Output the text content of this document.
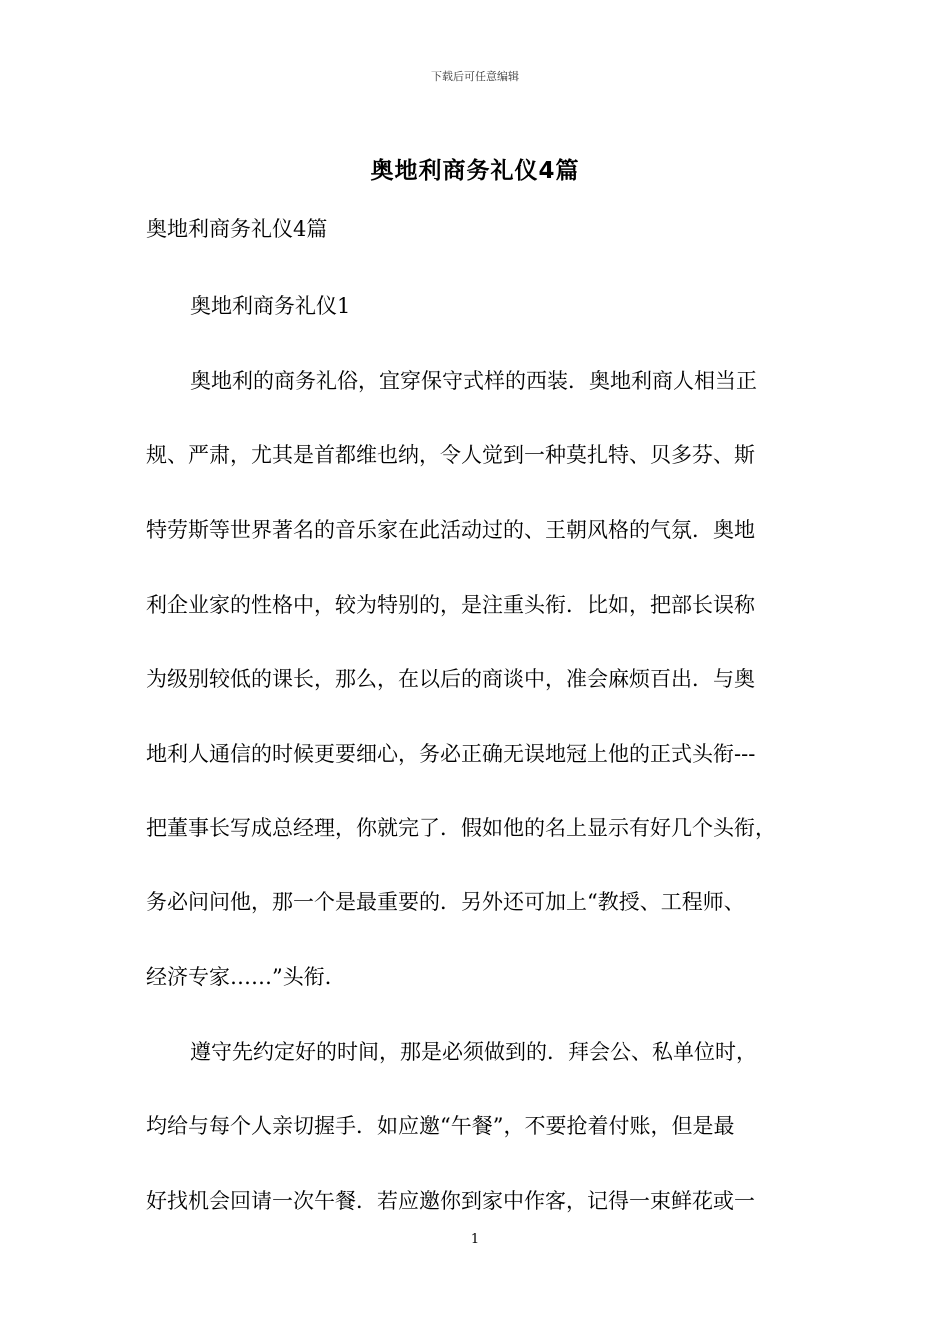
下载后可任意编辑
奥地利商务礼仪4篇
奥地利商务礼仪4篇
奥地利商务礼仪1
奥地利的商务礼俗，宜穿保守式样的西装．奥地利商人相当正
规、严肃，尤其是首都维也纳，令人觉到一种莫扎特、贝多芬、斯
特劳斯等世界著名的音乐家在此活动过的、王朝风格的气氛．奥地
利企业家的性格中，较为特别的，是注重头衔．比如，把部长误称
为级别较低的课长，那么，在以后的商谈中，准会麻烦百出．与奥
地利人通信的时候更要细心，务必正确无误地冠上他的正式头衔---
把董事长写成总经理，你就完了．假如他的名上显示有好几个头衔，
务必问问他，那一个是最重要的．另外还可加上“教授、工程师、
经济专家……”头衔．
遵守先约定好的时间，那是必须做到的．拜会公、私单位时，
均给与每个人亲切握手．如应邀“午餐”，不要抢着付账，但是最
好找机会回请一次午餐．若应邀你到家中作客，记得一束鲜花或一
1
